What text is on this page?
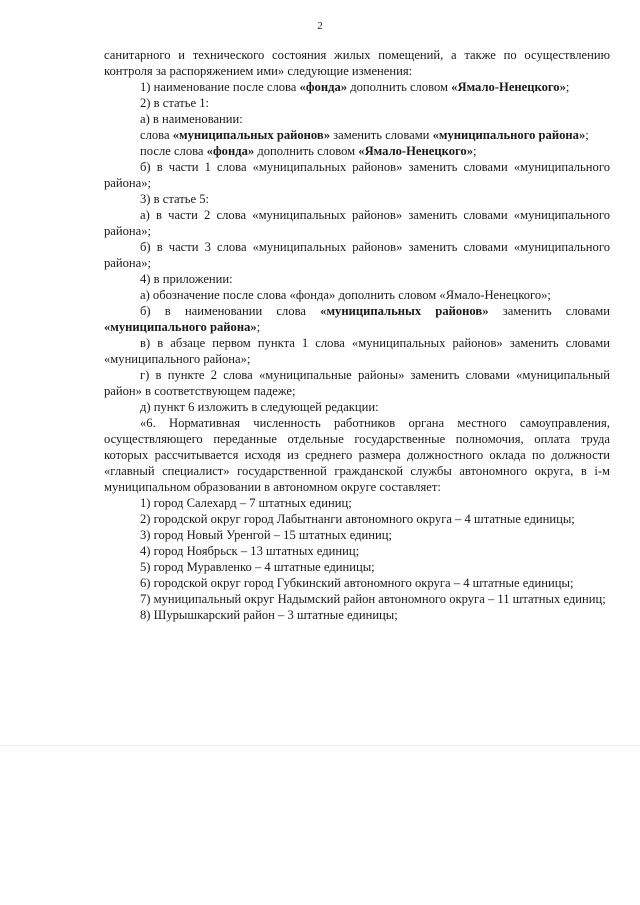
2

санитарного и технического состояния жилых помещений, а также по осуществлению контроля за распоряжением ими» следующие изменения:

1) наименование после слова «фонда» дополнить словом «Ямало-Ненецкого»;

2) в статье 1:

а) в наименовании:

слова «муниципальных районов» заменить словами «муниципального района»;

после слова «фонда» дополнить словом «Ямало-Ненецкого»;

б) в части 1 слова «муниципальных районов» заменить словами «муниципального района»;

3) в статье 5:

а) в части 2 слова «муниципальных районов» заменить словами «муниципального района»;

б) в части 3 слова «муниципальных районов» заменить словами «муниципального района»;

4) в приложении:

а) обозначение после слова «фонда» дополнить словом «Ямало-Ненецкого»;

б) в наименовании слова «муниципальных районов» заменить словами «муниципального района»;

в) в абзаце первом пункта 1 слова «муниципальных районов» заменить словами «муниципального района»;

г) в пункте 2 слова «муниципальные районы» заменить словами «муниципальный район» в соответствующем падеже;

д) пункт 6 изложить в следующей редакции:

«6. Нормативная численность работников органа местного самоуправления, осуществляющего переданные отдельные государственные полномочия, оплата труда которых рассчитывается исходя из среднего размера должностного оклада по должности «главный специалист» государственной гражданской службы автономного округа, в i-м муниципальном образовании в автономном округе составляет:

1) город Салехард – 7 штатных единиц;

2) городской округ город Лабытнанги автономного округа – 4 штатные единицы;

3) город Новый Уренгой – 15 штатных единиц;

4) город Ноябрьск – 13 штатных единиц;

5) город Муравленко – 4 штатные единицы;

6) городской округ город Губкинский автономного округа – 4 штатные единицы;

7) муниципальный округ Надымский район автономного округа – 11 штатных единиц;

8) Шурышкарский район – 3 штатные единицы;
